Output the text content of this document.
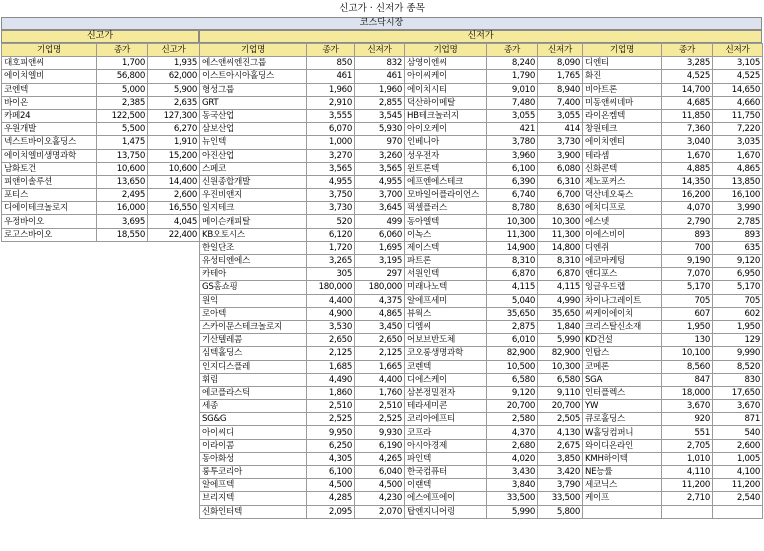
신고가 · 신저가 종목
코스닥시장
신고가	신저가
기업명	종가	신고가
대호피앤씨	1,700	1,935
에이치엘비	56,800	62,000
코엔텍	5,000	5,900
바이온	2,385	2,635
카페24	122,500	127,300
우원개발	5,500	6,270
넥스트바이오홀딩스	1,475	1,910
에이치엘비생명과학	13,750	15,200
남화토건	10,600	10,600
피앤이솔루션	13,650	14,400
포티스	2,495	2,600
디에이테크놀로지	16,000	16,550
우정바이오	3,695	4,045
로고스바이오	18,550	22,400
기업명	종가	신저가	기업명	종가	신저가	기업명	종가	신저가
에스앤씨엔진그룹	850	832	삼영이엔씨	8,240	8,090	디엔티	3,285	3,105
이스트아시아홀딩스	461	461	아이씨케이	1,790	1,765	화진	4,525	4,525
형성그룹	1,960	1,960	에이치시티	9,010	8,940	비아트론	14,700	14,650
GRT	2,910	2,855	덕산하이메탈	7,480	7,400	미동앤씨네마	4,685	4,660
동국산업	3,555	3,545	HB테크놀러지	3,055	3,055	라이온켐텍	11,850	11,750
삼보산업	6,070	5,930	아이오케이	421	414	창원테크	7,360	7,220
뉴인텍	1,000	970	인베니아	3,780	3,730	에이치엔티	3,040	3,035
아진산업	3,270	3,260	성우전자	3,960	3,900	테라셈	1,670	1,670
스페코	3,565	3,565	윈트론텍	6,100	6,080	신화콘텍	4,885	4,865
신원종합개발	4,955	4,955	에프엔에스테크	6,390	6,310	제노포커스	14,350	13,850
우진비앤지	3,750	3,700	모바일어플라이언스	6,740	6,700	덕산네오룩스	16,200	16,100
일지테크	3,730	3,645	픽셀플러스	8,780	8,630	에치디프로	4,070	3,990
메이슨캐피탈	520	499	동아엘텍	10,300	10,300	에스넷	2,790	2,785
KB오토시스	6,120	6,060	이녹스	11,300	11,300	이에스비이	893	893
한일단조	1,720	1,695	제이스텍	14,900	14,800	디엔쥐	700	635
유성티엔에스	3,265	3,195	파트론	8,310	8,310	에코마케팅	9,190	9,120
카테아	305	297	서원인텍	6,870	6,870	앤디포스	7,070	6,950
GS홈쇼핑	180,000	180,000	미래나노텍	4,115	4,115	잉글우드랩	5,170	5,170
원익	4,400	4,375	알에프세미	5,040	4,990	차이나그레이트	705	705
로아텍	4,900	4,865	뷰웍스	35,650	35,650	씨케이에이치	607	602
스카이문스테크놀로지	3,530	3,450	디엠씨	2,875	1,840	크리스탈신소재	1,950	1,950
기산텔레콤	2,650	2,650	어보브반도체	6,010	5,990	KD건설	130	129
심텍홀딩스	2,125	2,125	코오롱생명과학	82,900	82,900	인탑스	10,100	9,990
인지디스플레	1,685	1,665	코렌텍	10,500	10,300	코메론	8,560	8,520
휘림	4,490	4,400	디에스케이	6,580	6,580	SGA	847	830
에코플라스틱	1,860	1,760	삼본정밀전자	9,120	9,110	인터플렉스	18,000	17,650
세종	2,510	2,510	테라세미콘	20,700	20,700	YW	3,670	3,670
SG&G	2,525	2,525	코리아에프티	2,580	2,505	큐로홀딩스	920	871
아이씨디	9,950	9,930	코프라	4,370	4,130	W홀딩컴퍼니	551	540
이라이콤	6,250	6,190	아시아경제	2,680	2,675	와이디온라인	2,705	2,600
동아화성	4,305	4,265	파인텍	4,020	3,850	KMH하이텍	1,010	1,005
룽투코리아	6,100	6,040	한국컴퓨터	3,430	3,420	NE능률	4,110	4,100
알에프텍	4,500	4,500	이랜텍	3,840	3,790	세코닉스	11,200	11,200
브리지텍	4,285	4,230	에스에프에이	33,500	33,500	케이프	2,710	2,540
신화인터텍	2,095	2,070	탑엔지니어링	5,990	5,800			
